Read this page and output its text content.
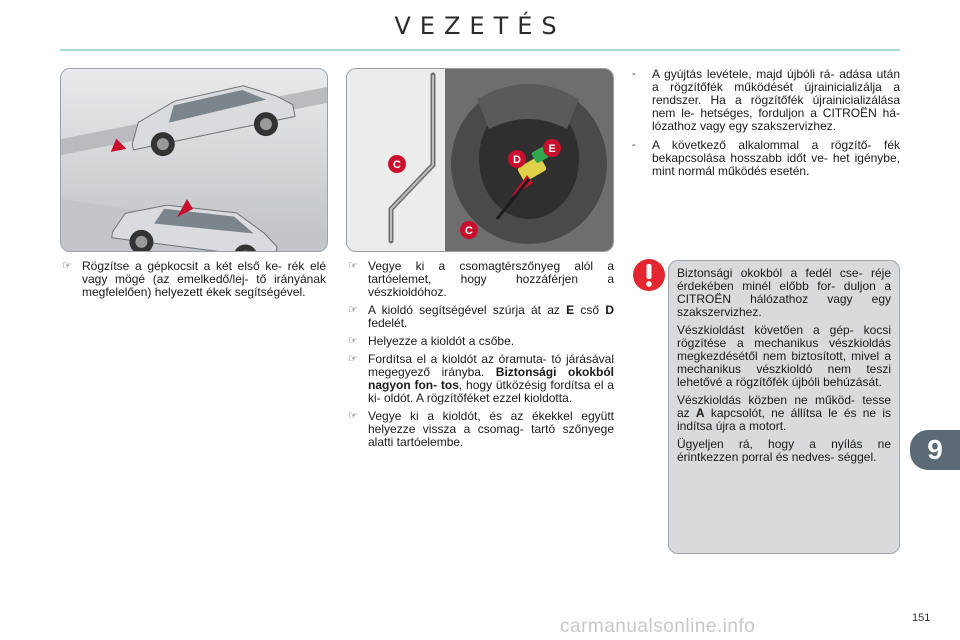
VEZETÉS
C
C
D
E
☞ Rögzítse a gépkocsit a két első ke- rék elé vagy mögé (az emelkedő/lej- tő irányának megfelelően) helyezett ékek segítségével.
☞ Vegye ki a csomagtérszőnyeg alól a tartóelemet, hogy hozzáférjen a vészkioldóhoz.
☞ A kioldó segítségével szúrja át az E cső D fedelét.
☞ Helyezze a kioldót a csőbe.
☞ Fordítsa el a kioldót az óramuta- tó járásával megegyező irányba. Biztonsági okokból nagyon fon- tos, hogy ütközésig fordítsa el a ki- oldót. A rögzítőféket ezzel kioldotta.
☞ Vegye ki a kioldót, és az ékekkel együtt helyezze vissza a csomag- tartó szőnyege alatti tartóelembe.
- A gyújtás levétele, majd újbóli rá- adása után a rögzítőfék működését újrainicializálja a rendszer. Ha a rögzítőfék újrainicializálása nem le- hetséges, forduljon a CITROËN há- lózathoz vagy egy szakszervizhez.
- A következő alkalommal a rögzítő- fék bekapcsolása hosszabb időt ve- het igénybe, mint normál működés esetén.

Biztonsági okokból a fedél cse- réje érdekében minél előbb for- duljon a CITROËN hálózathoz vagy egy szakszervizhez.

Vészkioldást követően a gép- kocsi rögzítése a mechanikus vészkioldás megkezdésétől nem biztosított, mivel a mechanikus vészkioldó nem teszi lehetővé a rögzítőfék újbóli behúzását.

Vészkioldás közben ne működ- tesse az A kapcsolót, ne állítsa le és ne is indítsa újra a motort.

Ügyeljen rá, hogy a nyílás ne érintkezzen porral és nedves- séggel.	9
carmanualsonline.info	151
